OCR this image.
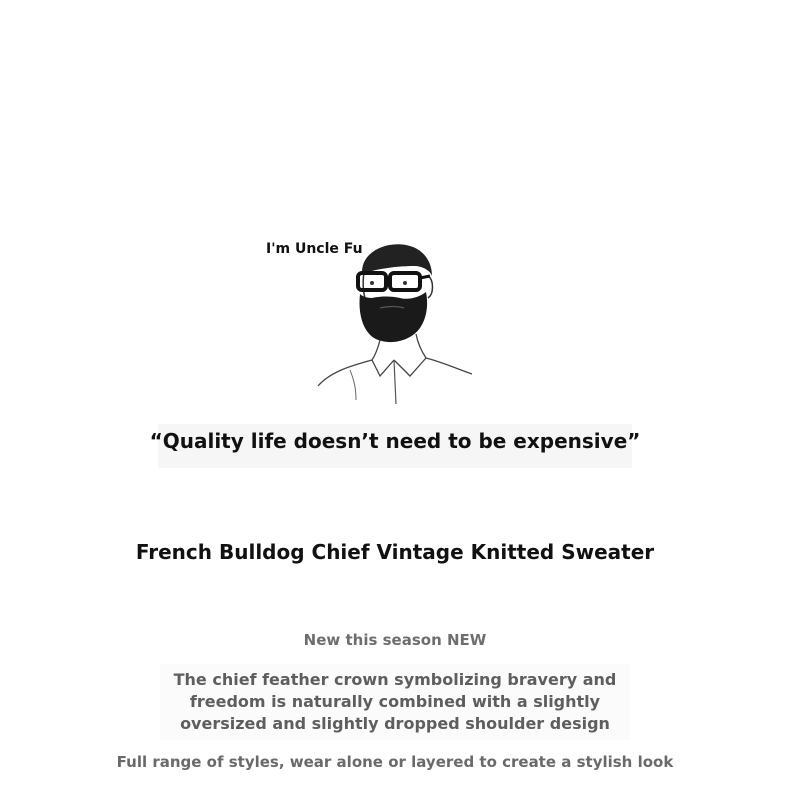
I'm Uncle Fu
“Quality life doesn’t need to be expensive”
French Bulldog Chief Vintage Knitted Sweater
New this season NEW
The chief feather crown symbolizing bravery and
freedom is naturally combined with a slightly
oversized and slightly dropped shoulder design
Full range of styles, wear alone or layered to create a stylish look
